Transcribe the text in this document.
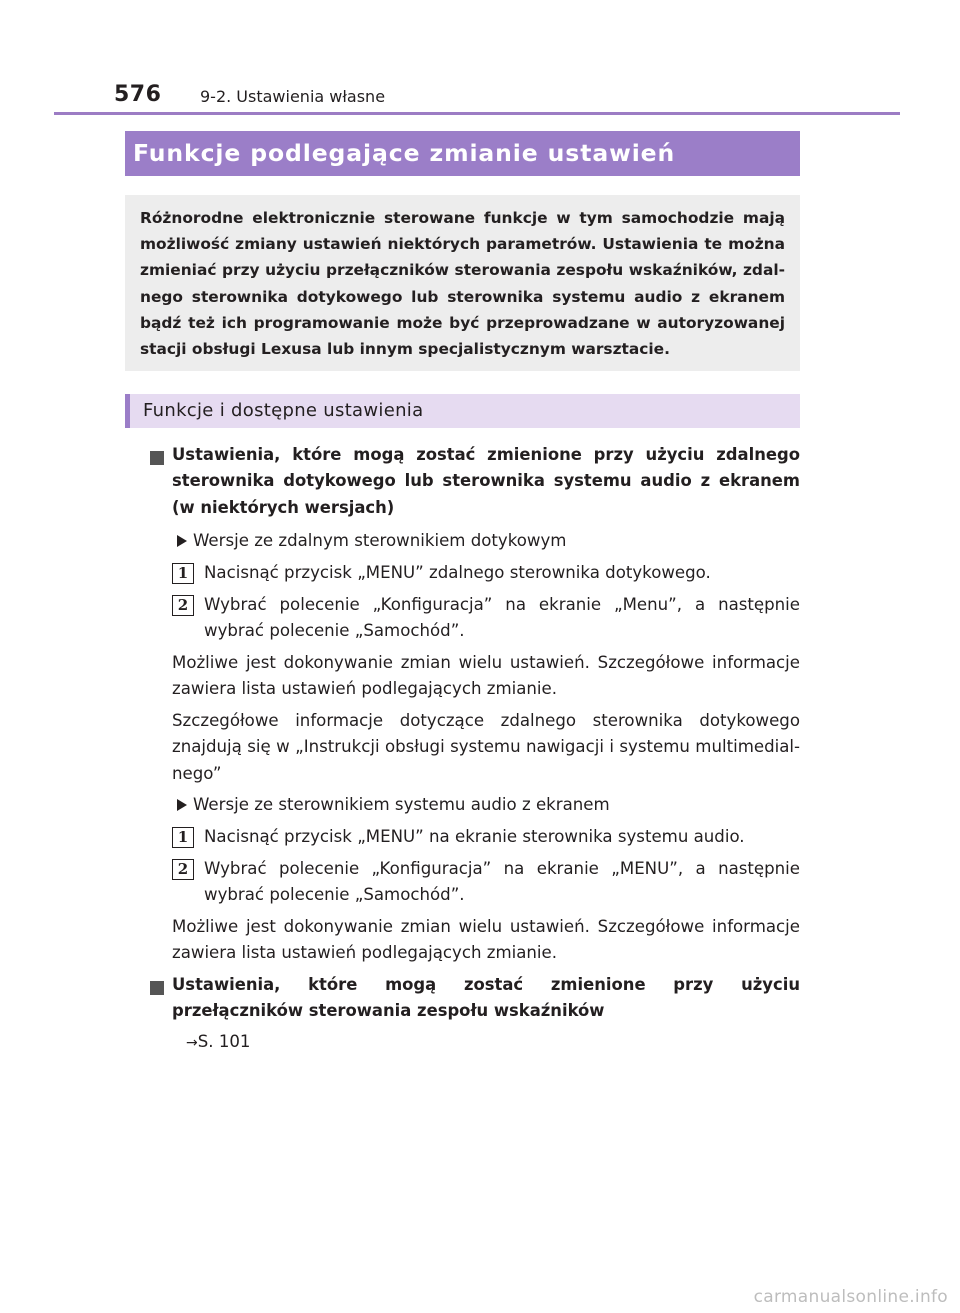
576 9-2. Ustawienia własne
Funkcje podlegające zmianie ustawień

Różnorodne elektronicznie sterowane funkcje w tym samochodzie mają możliwość zmiany ustawień niektórych parametrów. Ustawienia te można zmieniać przy użyciu przełączników sterowania zespołu wskaźników, zdalnego sterownika dotykowego lub sterownika systemu audio z ekranem bądź też ich programowanie może być przeprowadzane w autoryzowanej stacji obsługi Lexusa lub innym specjalistycznym warsztacie.

Funkcje i dostępne ustawienia

Ustawienia, które mogą zostać zmienione przy użyciu zdalnego sterownika dotykowego lub sterownika systemu audio z ekranem (w niektórych wersjach)

Wersje ze zdalnym sterownikiem dotykowym
1 Nacisnąć przycisk „MENU” zdalnego sterownika dotykowego.

2 Wybrać polecenie „Konfiguracja” na ekranie „Menu”, a następnie wybrać polecenie „Samochód”.

Możliwe jest dokonywanie zmian wielu ustawień. Szczegółowe informacje zawiera lista ustawień podlegających zmianie.

Szczegółowe informacje dotyczące zdalnego sterownika dotykowego znajdują się w „Instrukcji obsługi systemu nawigacji i systemu multimedialnego”

Wersje ze sterownikiem systemu audio z ekranem
1 Nacisnąć przycisk „MENU” na ekranie sterownika systemu audio.

2 Wybrać polecenie „Konfiguracja” na ekranie „MENU”, a następnie wybrać polecenie „Samochód”.

Możliwe jest dokonywanie zmian wielu ustawień. Szczegółowe informacje zawiera lista ustawień podlegających zmianie.

Ustawienia, które mogą zostać zmienione przy użyciu przełączników sterowania zespołu wskaźników

→S. 101
carmanualsonline.info
